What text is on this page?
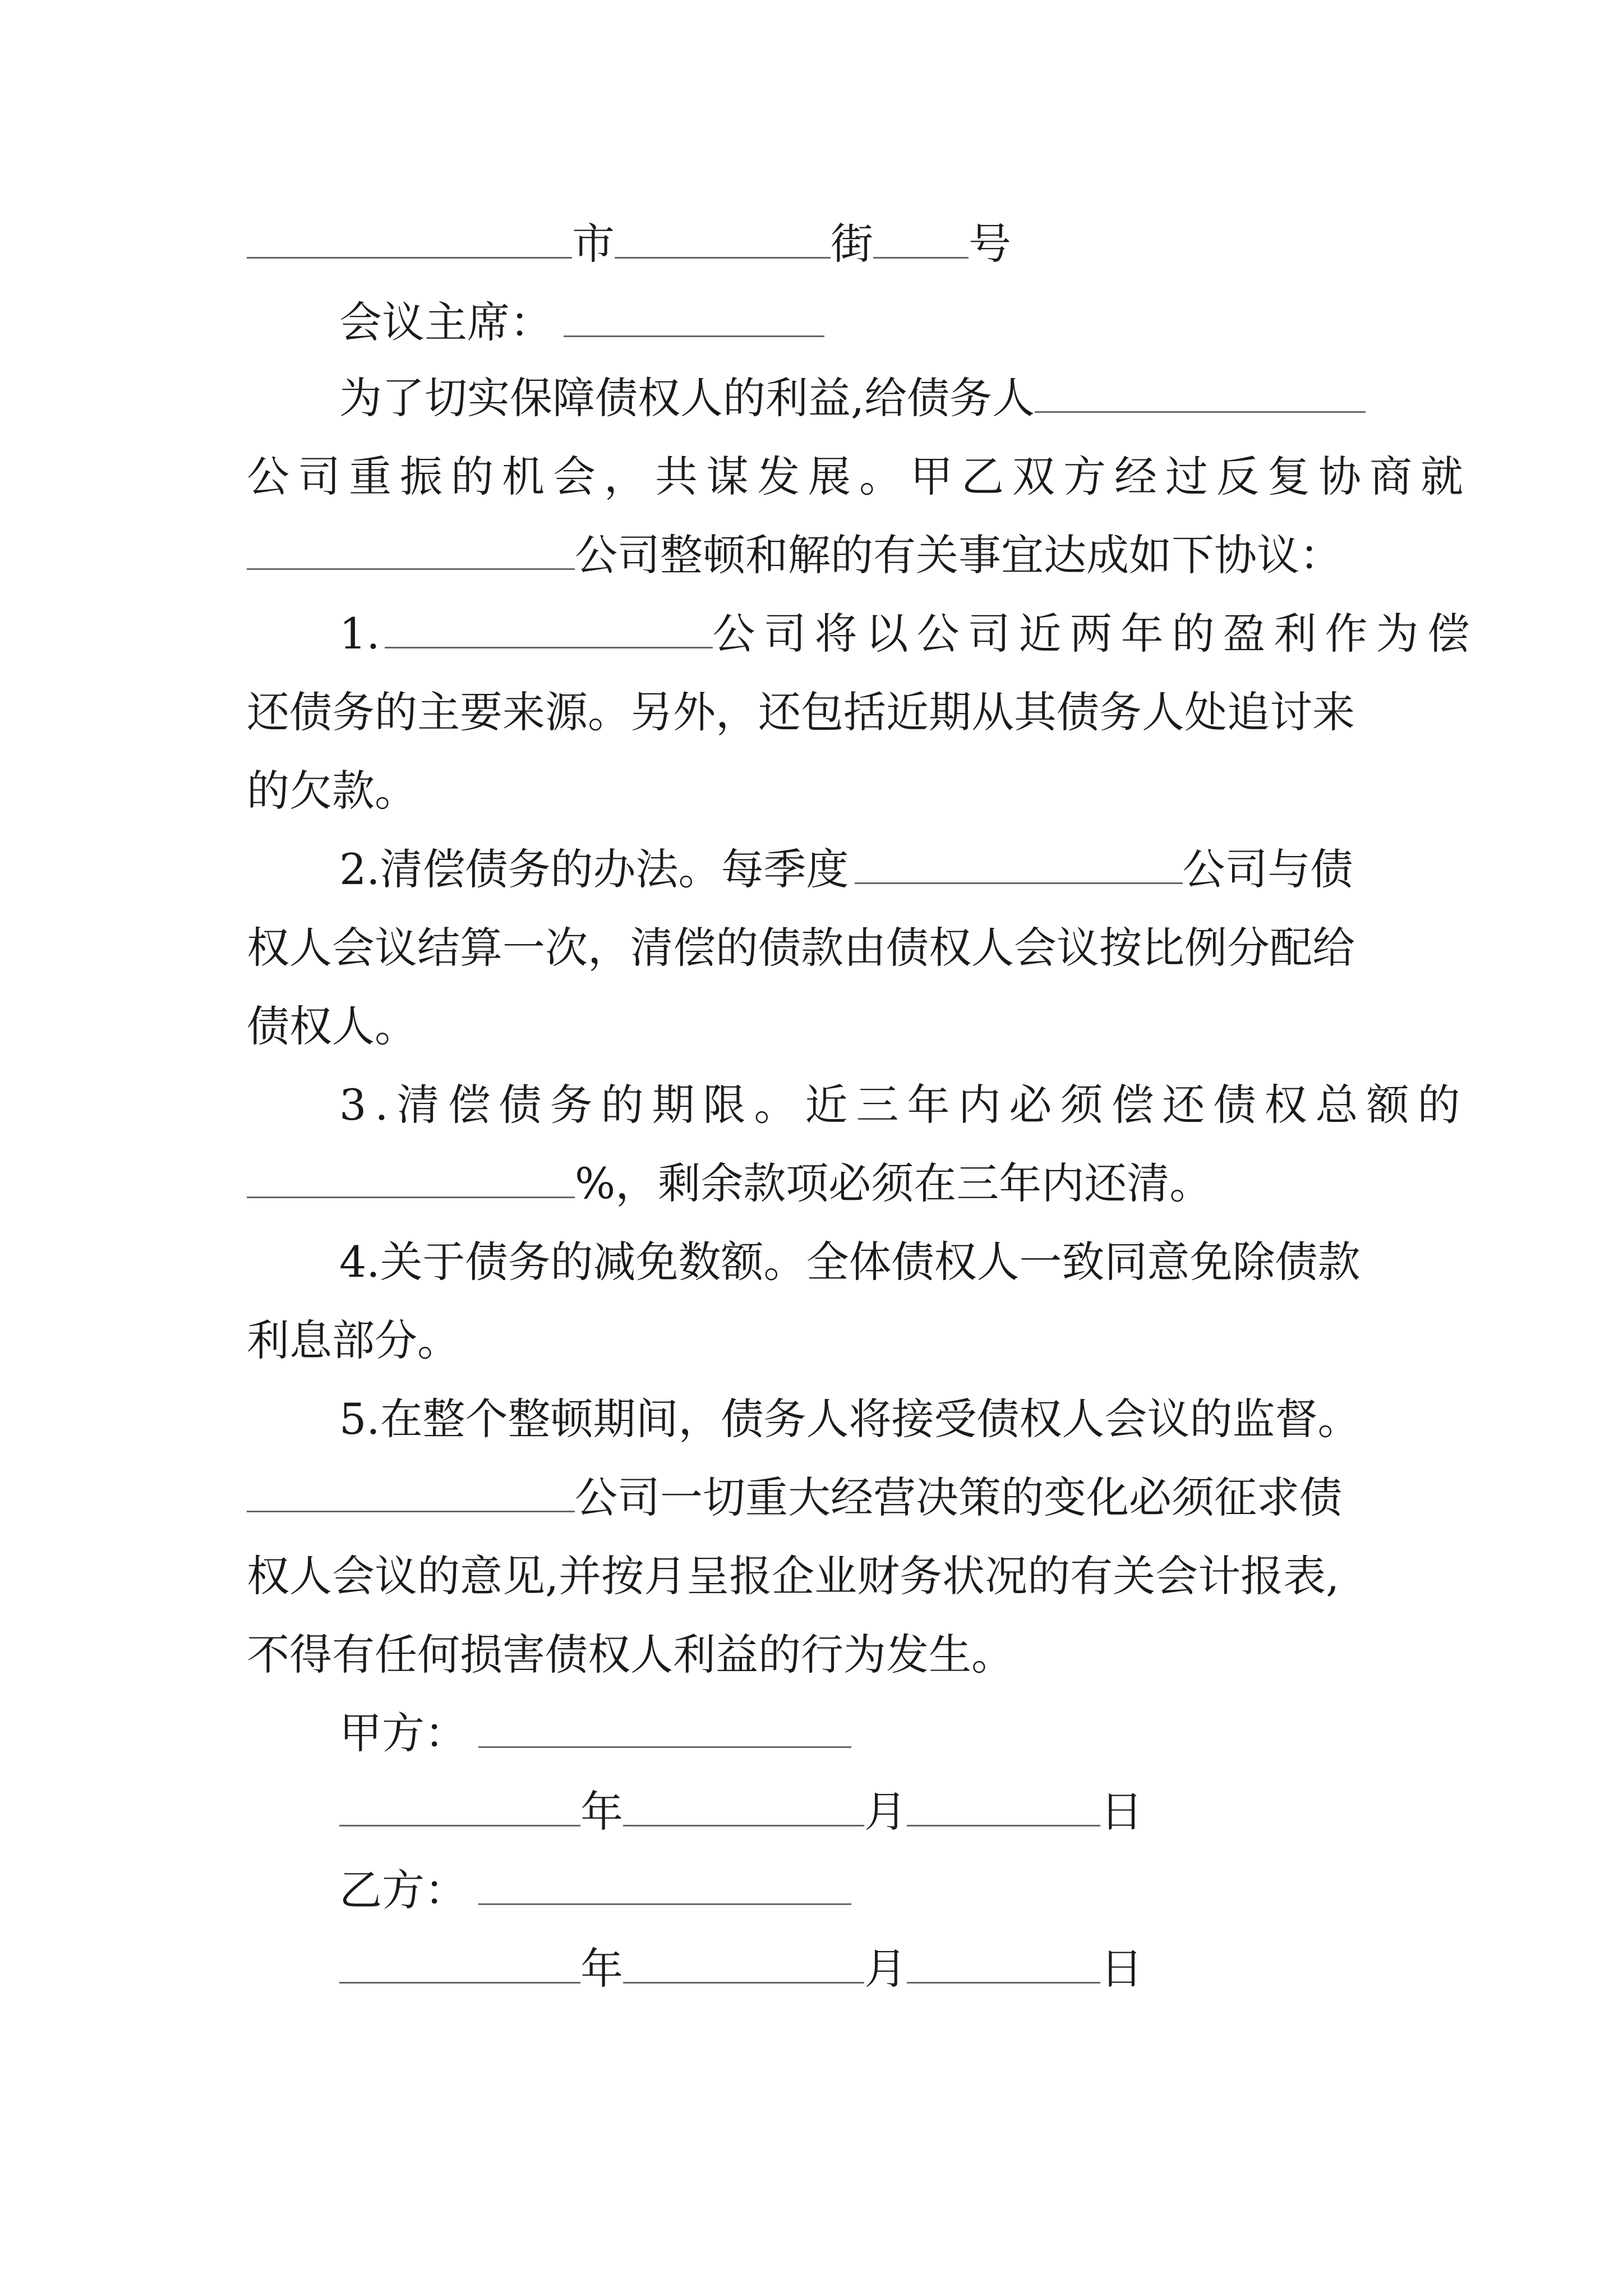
市	街 号
会议主席：
为了切实保障债权人的利益,给债务人
公司重振的机会，共谋发展。甲乙双方经过反复协商就
公司整顿和解的有关事宜达成如下协议：
1.	公司将以公司近两年的盈利作为偿
还债务的主要来源。另外，还包括近期从其债务人处追讨来
的欠款。
2.清偿债务的办法。每季度	公司与债
权人会议结算一次，清偿的债款由债权人会议按比例分配给
债权人。
3.清偿债务的期限。近三年内必须偿还债权总额的
%，剩余款项必须在三年内还清。
4.关于债务的减免数额。全体债权人一致同意免除债款
利息部分。
5.在整个整顿期间，债务人将接受债权人会议的监督。
公司一切重大经营决策的变化必须征求债
权人会议的意见,并按月呈报企业财务状况的有关会计报表,
不得有任何损害债权人利益的行为发生。
甲方：
年	月	日
乙方：
年	月	日
